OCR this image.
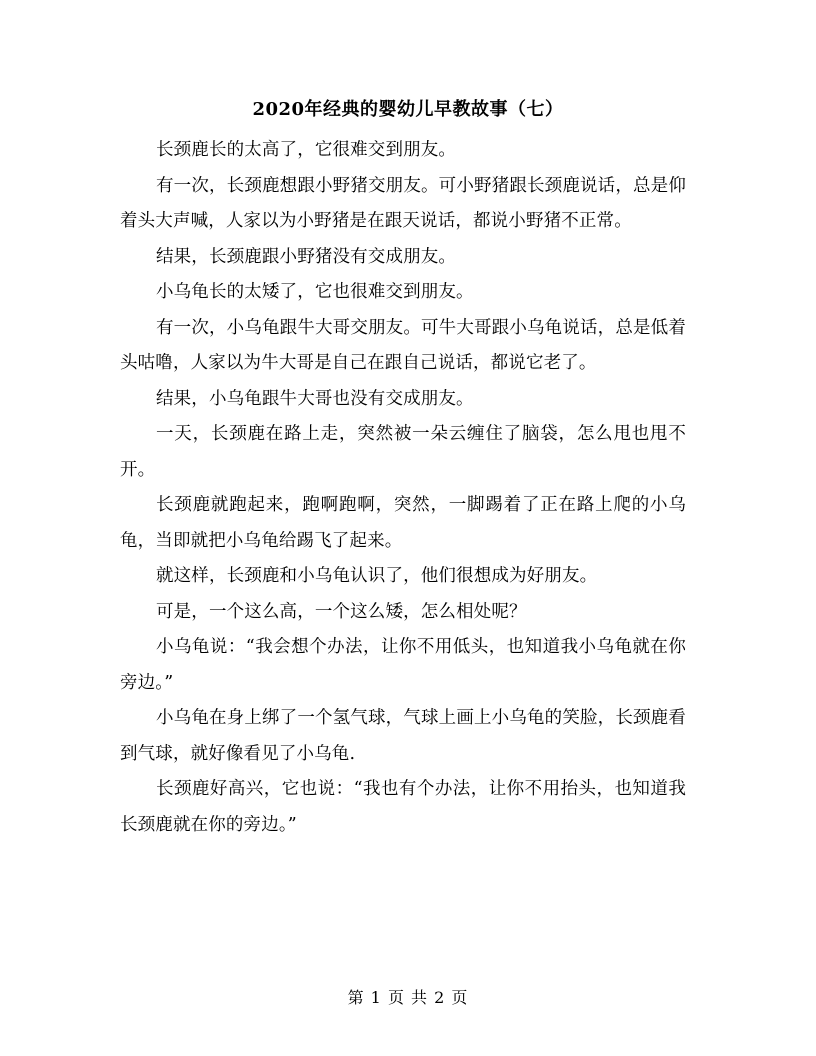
2020年经典的婴幼儿早教故事（七）

长颈鹿长的太高了，它很难交到朋友。

有一次，长颈鹿想跟小野猪交朋友。可小野猪跟长颈鹿说话，总是仰着头大声喊，人家以为小野猪是在跟天说话，都说小野猪不正常。

结果，长颈鹿跟小野猪没有交成朋友。

小乌龟长的太矮了，它也很难交到朋友。

有一次，小乌龟跟牛大哥交朋友。可牛大哥跟小乌龟说话，总是低着头咕噜，人家以为牛大哥是自己在跟自己说话，都说它老了。

结果，小乌龟跟牛大哥也没有交成朋友。

一天，长颈鹿在路上走，突然被一朵云缠住了脑袋，怎么甩也甩不开。

长颈鹿就跑起来，跑啊跑啊，突然，一脚踢着了正在路上爬的小乌龟，当即就把小乌龟给踢飞了起来。

就这样，长颈鹿和小乌龟认识了，他们很想成为好朋友。

可是，一个这么高，一个这么矮，怎么相处呢？

小乌龟说：“我会想个办法，让你不用低头，也知道我小乌龟就在你旁边。”

小乌龟在身上绑了一个氢气球，气球上画上小乌龟的笑脸，长颈鹿看到气球，就好像看见了小乌龟.

长颈鹿好高兴，它也说：“我也有个办法，让你不用抬头，也知道我长颈鹿就在你的旁边。”

第 1 页 共 2 页
